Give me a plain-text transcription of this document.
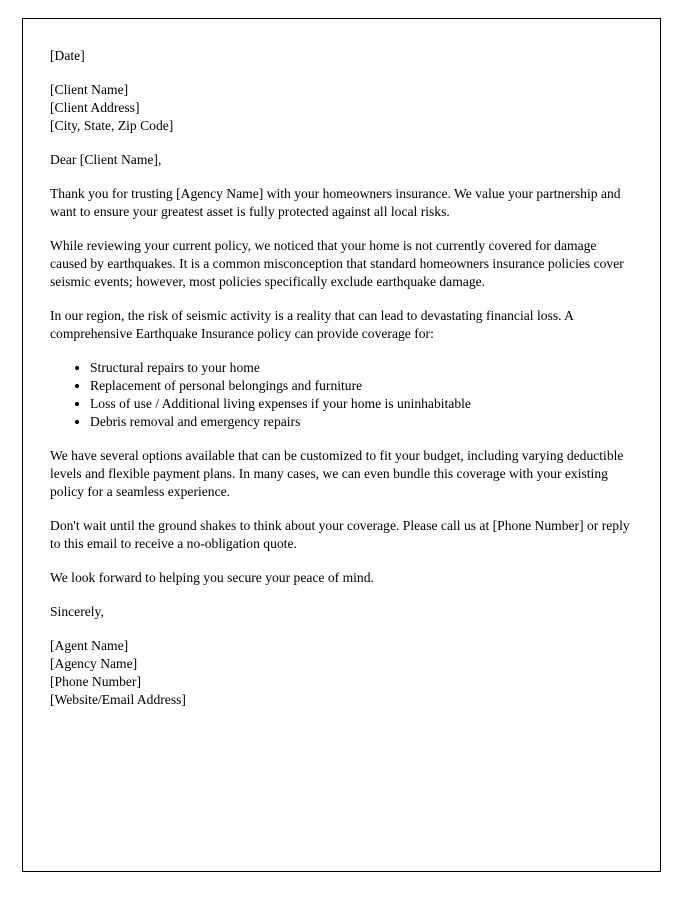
[Date]

[Client Name]

[Client Address]

[City, State, Zip Code]

Dear [Client Name],

Thank you for trusting [Agency Name] with your homeowners insurance. We value your partnership and want to ensure your greatest asset is fully protected against all local risks.

While reviewing your current policy, we noticed that your home is not currently covered for damage caused by earthquakes. It is a common misconception that standard homeowners insurance policies cover seismic events; however, most policies specifically exclude earthquake damage.

In our region, the risk of seismic activity is a reality that can lead to devastating financial loss. A comprehensive Earthquake Insurance policy can provide coverage for:

• Structural repairs to your home
• Replacement of personal belongings and furniture
• Loss of use / Additional living expenses if your home is uninhabitable
• Debris removal and emergency repairs

We have several options available that can be customized to fit your budget, including varying deductible levels and flexible payment plans. In many cases, we can even bundle this coverage with your existing policy for a seamless experience.

Don't wait until the ground shakes to think about your coverage. Please call us at [Phone Number] or reply to this email to receive a no-obligation quote.

We look forward to helping you secure your peace of mind.

Sincerely,

[Agent Name]

[Agency Name]

[Phone Number]

[Website/Email Address]
